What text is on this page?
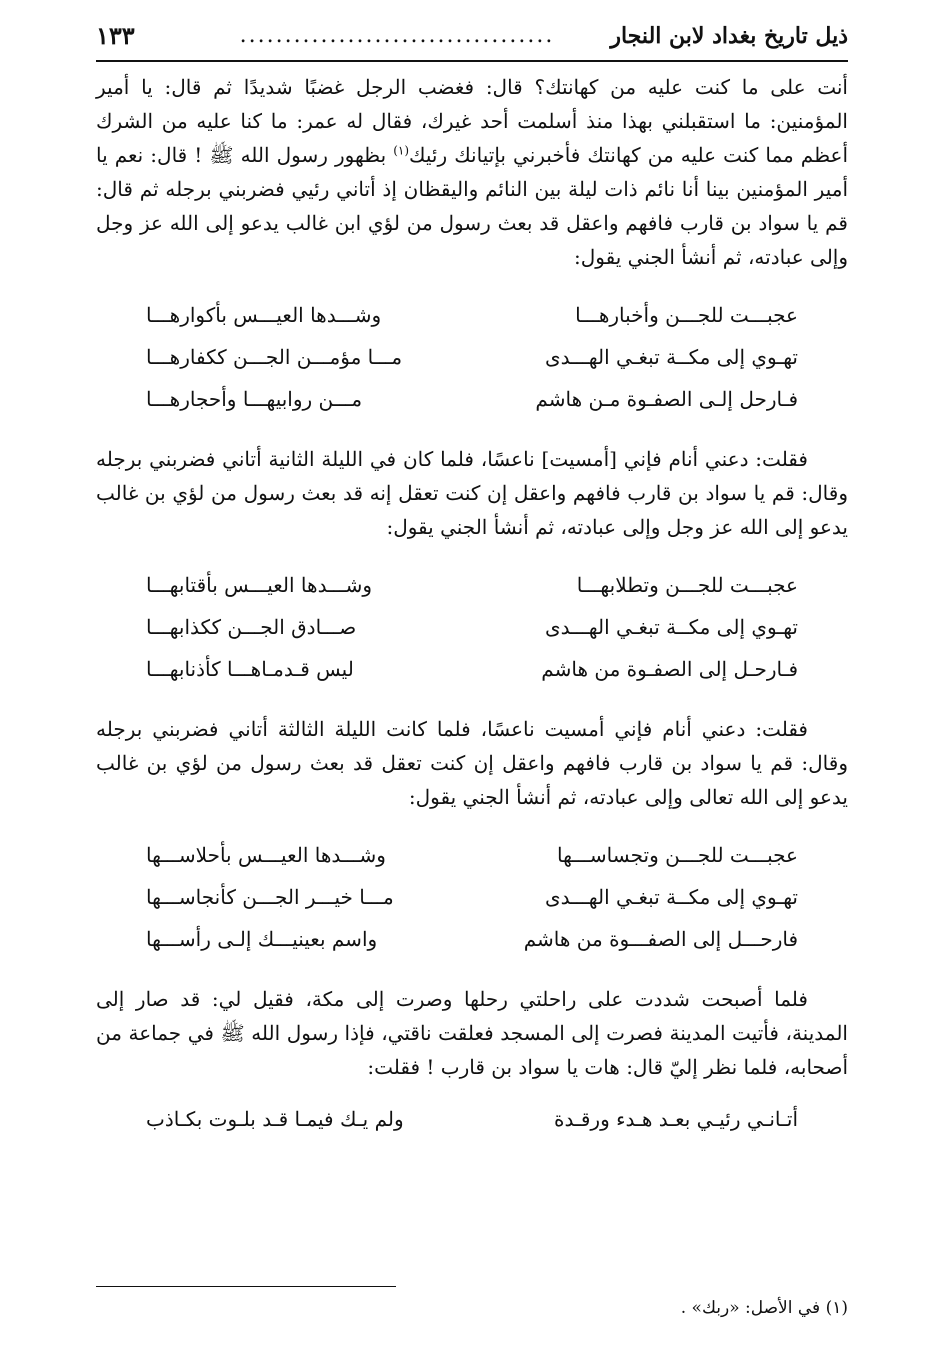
ذيل تاريخ بغداد لابن النجار
...................................
١٣٣

أنت على ما كنت عليه من كهانتك؟ قال: فغضب الرجل غضبًا شديدًا ثم قال: يا أمير المؤمنين: ما استقبلني بهذا منذ أسلمت أحد غيرك، فقال له عمر: ما كنا عليه من الشرك أعظم مما كنت عليه من كهانتك فأخبرني بإتيانك رئيك$^{(١)}$ بظهور رسول الله ﷺ ! قال: نعم يا أمير المؤمنين بينا أنا نائم ذات ليلة بين النائم واليقظان إذ أتاني رئيي فضربني برجله ثم قال: قم يا سواد بن قارب فافهم واعقل قد بعث رسول من لؤي ابن غالب يدعو إلى الله عز وجل وإلى عبادته، ثم أنشأ الجني يقول:

عجبـــت للجـــن وأخبارهـــا
وشـــدها العيـــس بأكوارهـــا
تهـوي إلى مكــة تبغـي الهـــدى
مـــا مؤمـــن الجـــن ككفارهـــا
فـارحل إلـى الصفـوة مـن هاشم
مـــن روابيهـــا وأحجارهـــا

فقلت: دعني أنام فإني [أمسيت] ناعسًا، فلما كان في الليلة الثانية أتاني فضربني برجله وقال: قم يا سواد بن قارب فافهم واعقل إن كنت تعقل إنه قد بعث رسول من لؤي بن غالب يدعو إلى الله عز وجل وإلى عبادته، ثم أنشأ الجني يقول:

عجبـــت للجـــن وتطلابهـــا
وشـــدها العيـــس بأقتابهـــا
تهـوي إلى مكــة تبغـي الهـــدى
صـــادق الجـــن ككذابهـــا
فـارحـل إلى الصفـوة من هاشم
ليس قـدمـاهـــا كأذنابهـــا

فقلت: دعني أنام فإني أمسيت ناعسًا، فلما كانت الليلة الثالثة أتاني فضربني برجله وقال: قم يا سواد بن قارب فافهم واعقل إن كنت تعقل قد بعث رسول من لؤي بن غالب يدعو إلى الله تعالى وإلى عبادته، ثم أنشأ الجني يقول:

عجبـــت للجـــن وتجساســـها
وشـــدها العيـــس بأحلاســـها
تهـوي إلى مكــة تبغـي الهـــدى
مـــا خيـــر الجـــن كأنجاســـها
فارحـــل إلى الصفـــوة من هاشم
واسم بعينيـــك إلـى رأســـها

فلما أصبحت شددت على راحلتي رحلها وصرت إلى مكة، فقيل لي: قد صار إلى المدينة، فأتيت المدينة فصرت إلى المسجد فعلقت ناقتي، فإذا رسول الله ﷺ في جماعة من أصحابه، فلما نظر إليّ قال: هات يا سواد بن قارب ! فقلت:

أتـانـي رئيـي بعـد هـدء ورقـدة
ولم يـك فيمـا قـد بلـوت بكـاذب
(١) في الأصل: «ربك» .
